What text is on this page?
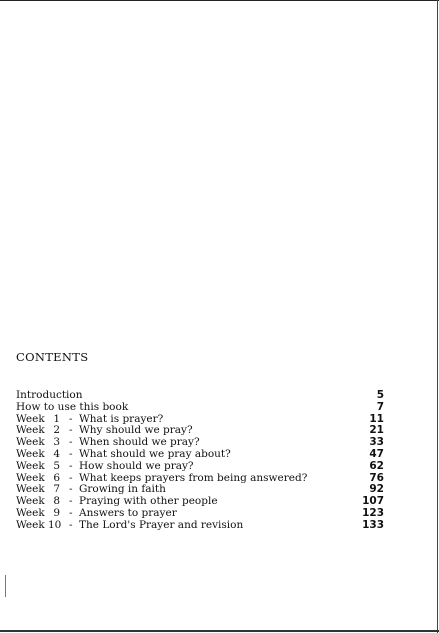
CONTENTS
Introduction	5
How to use this book	7
Week 1 - What is prayer?	11
Week 2 - Why should we pray?	21
Week 3 - When should we pray?	33
Week 4 - What should we pray about?	47
Week 5 - How should we pray?	62
Week 6 - What keeps prayers from being answered?	76
Week 7 - Growing in faith	92
Week 8 - Praying with other people	107
Week 9 - Answers to prayer	123
Week 10 - The Lord's Prayer and revision	133
